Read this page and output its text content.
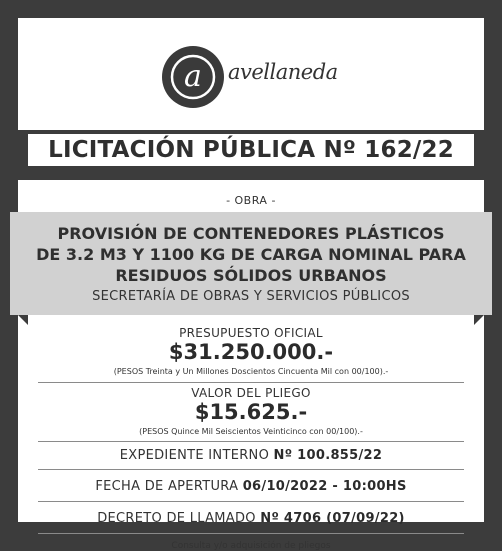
a avellaneda
LICITACIÓN PÚBLICA Nº 162/22
- OBRA -
PROVISIÓN DE CONTENEDORES PLÁSTICOS
DE 3.2 M3 Y 1100 KG DE CARGA NOMINAL PARA
RESIDUOS SÓLIDOS URBANOS
SECRETARÍA DE OBRAS Y SERVICIOS PÚBLICOS
PRESUPUESTO OFICIAL
$31.250.000.-
(PESOS Treinta y Un Millones Doscientos Cincuenta Mil con 00/100).-
VALOR DEL PLIEGO
$15.625.-
(PESOS Quince Mil Seiscientos Veinticinco con 00/100).-
EXPEDIENTE INTERNO Nº 100.855/22
FECHA DE APERTURA 06/10/2022 - 10:00HS
DECRETO DE LLAMADO Nº 4706 (07/09/22)
Consulta y/o adquisición de pliegos
